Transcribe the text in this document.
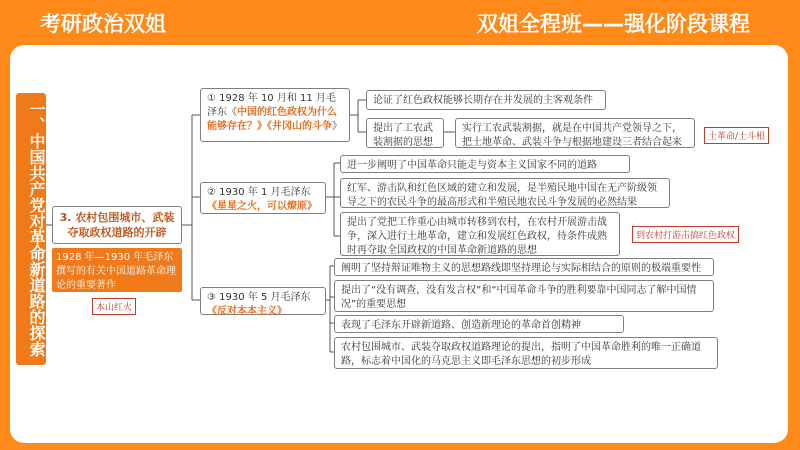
考研政治双姐	双姐全程班——强化阶段课程
一、中国共产党对革命新道路的探索	3. 农村包围城市、武装夺取政权道路的开辟
1928 年—1930 年毛泽东撰写的有关中国道路革命理论的重要著作
本山红火
① 1928 年 10 月和 11 月毛泽东《中国的红色政权为什么能够存在？》《井冈山的斗争》
论证了红色政权能够长期存在并发展的主客观条件
提出了工农武装割据的思想
实行工农武装割据，就是在中国共产党领导之下，把土地革命、武装斗争与根据地建设三者结合起来	土革命/土斗根
② 1930 年 1 月毛泽东《星星之火，可以燎原》
进一步阐明了中国革命只能走与资本主义国家不同的道路
红军、游击队和红色区域的建立和发展，是半殖民地中国在无产阶级领导之下的农民斗争的最高形式和半殖民地农民斗争发展的必然结果
提出了党把工作重心由城市转移到农村，在农村开展游击战争，深入进行土地革命，建立和发展红色政权，待条件成熟时再夺取全国政权的中国革命新道路的思想
到农村打游击搞红色政权
③ 1930 年 5 月毛泽东《反对本本主义》
阐明了坚持辩证唯物主义的思想路线即坚持理论与实际相结合的原则的极端重要性
提出了“没有调查，没有发言权”和“中国革命斗争的胜利要靠中国同志了解中国情况”的重要思想
表现了毛泽东开辟新道路、创造新理论的革命首创精神
农村包围城市、武装夺取政权道路理论的提出，指明了中国革命胜利的唯一正确道路，标志着中国化的马克思主义即毛泽东思想的初步形成
